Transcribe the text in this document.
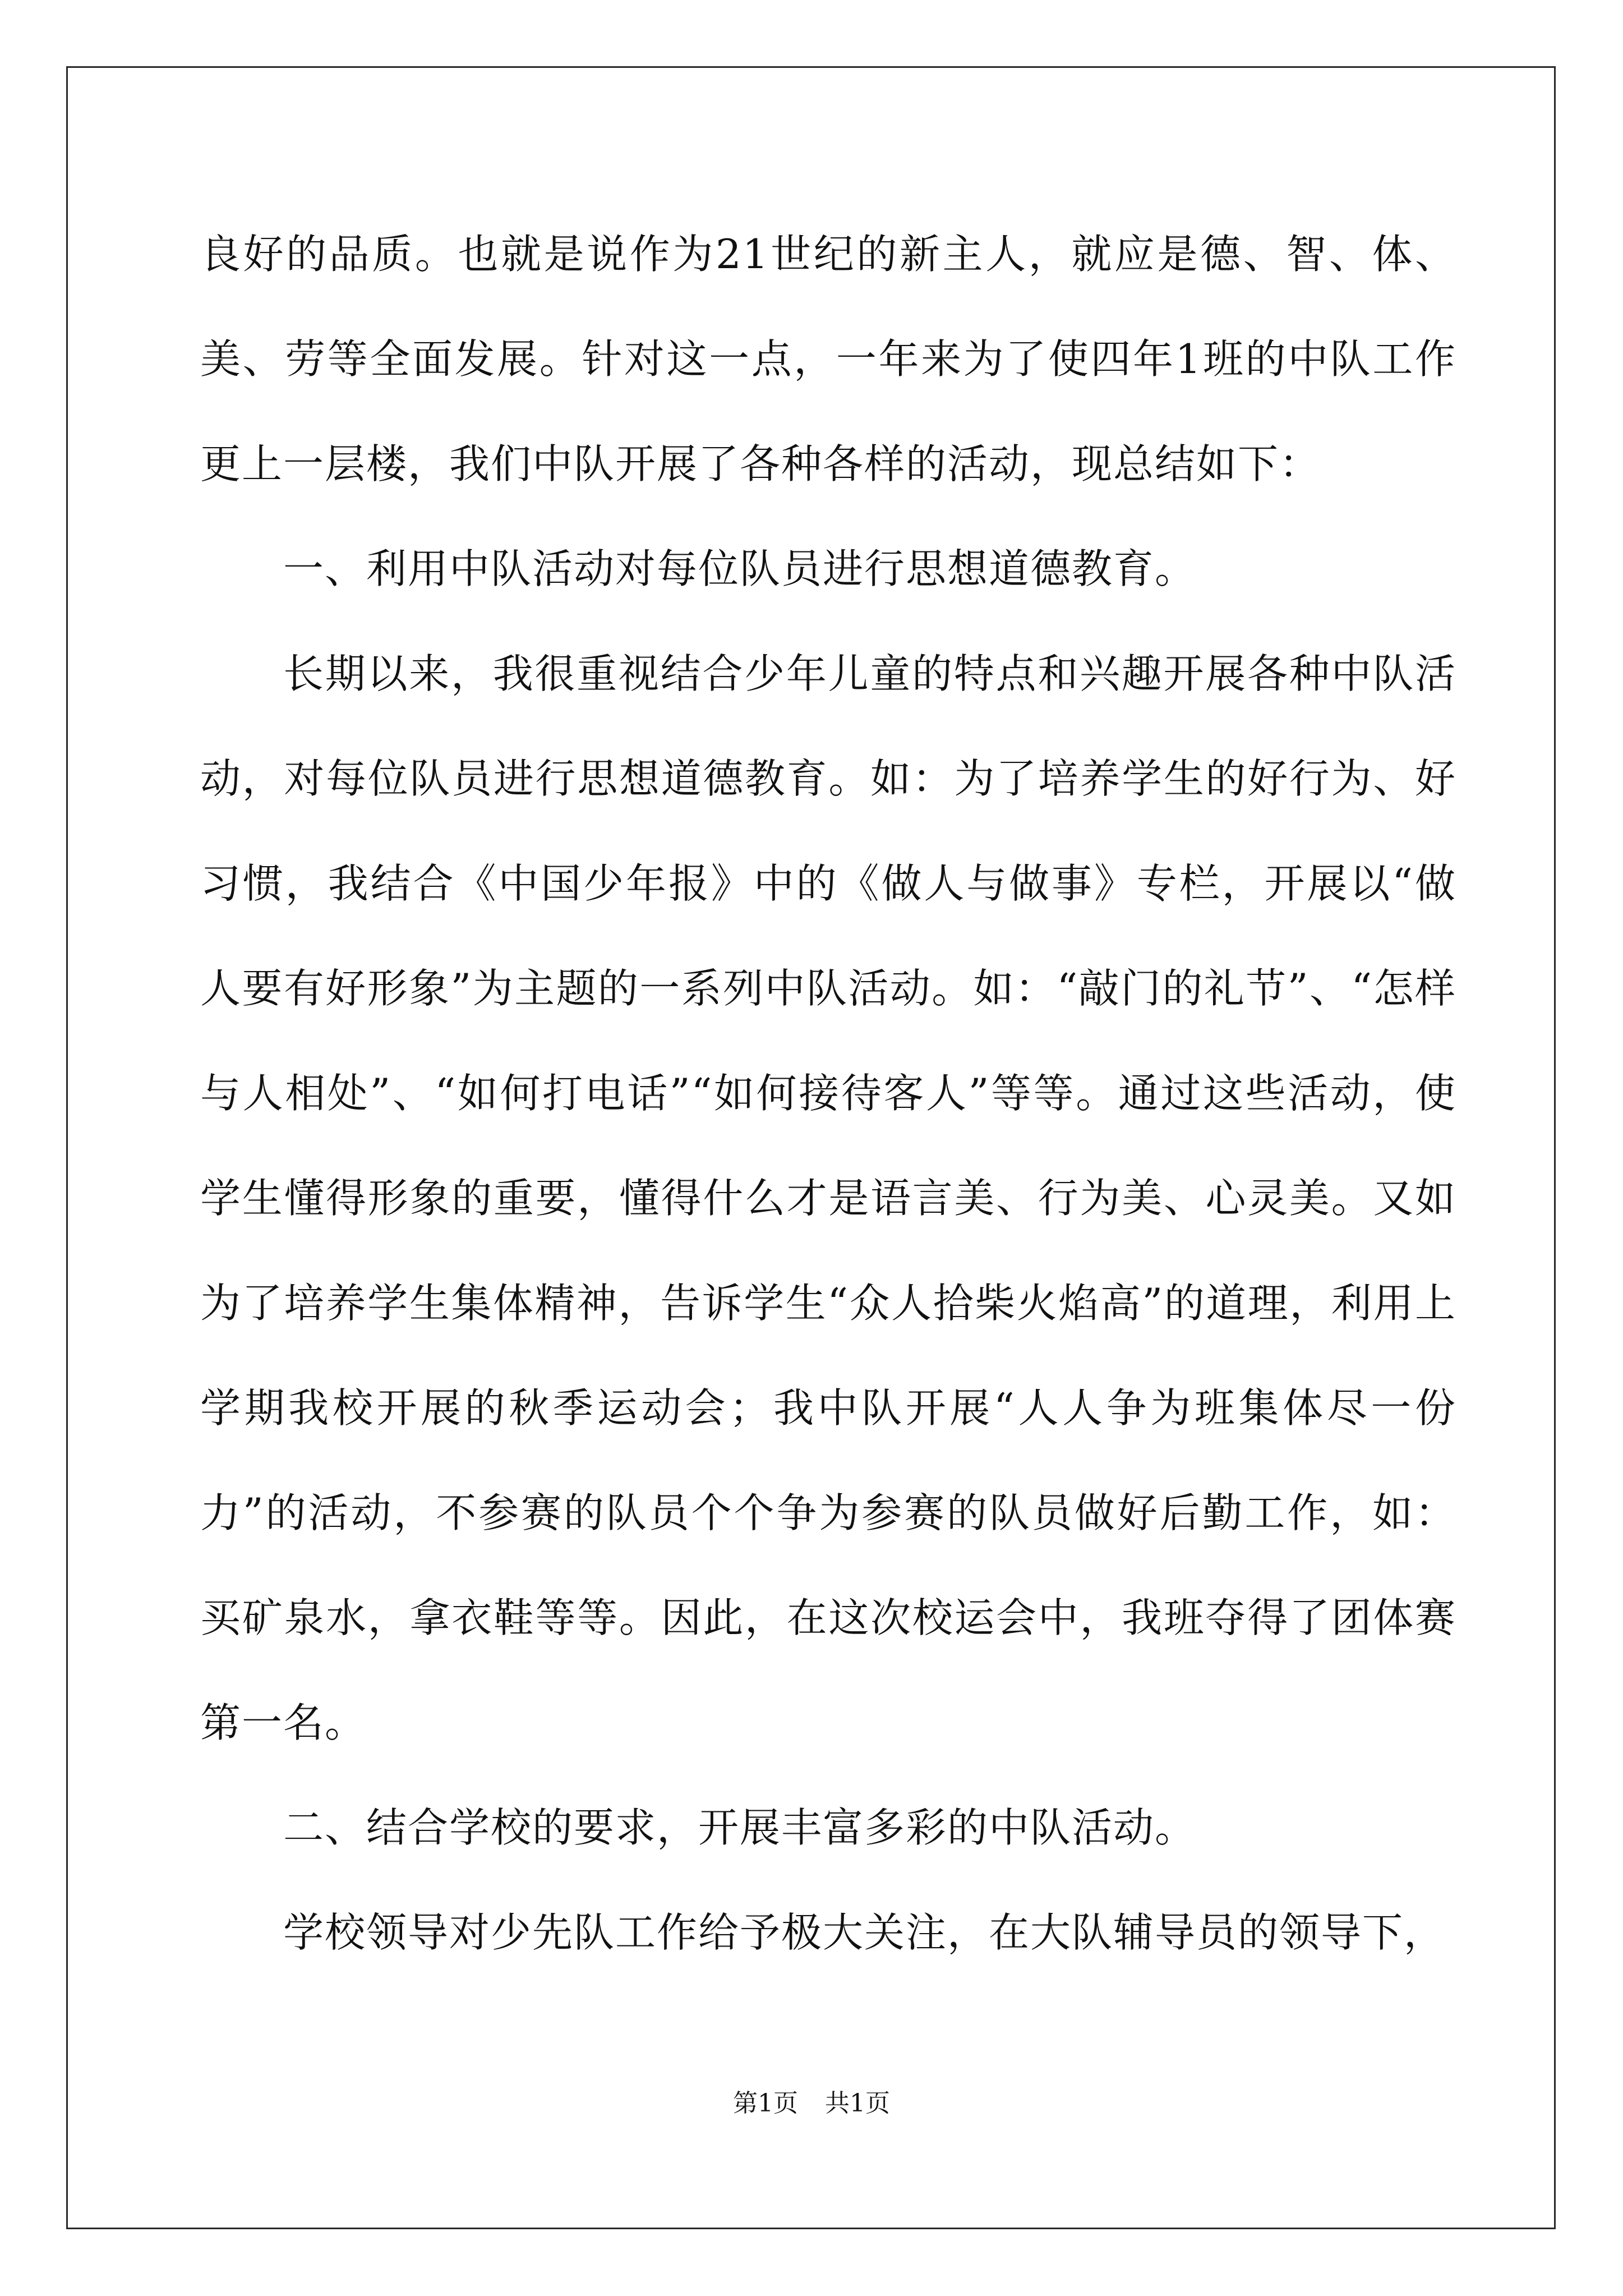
良好的品质。也就是说作为21世纪的新主人，就应是德、智、体、美、劳等全面发展。针对这一点，一年来为了使四年1班的中队工作更上一层楼，我们中队开展了各种各样的活动，现总结如下：

一、利用中队活动对每位队员进行思想道德教育。

长期以来，我很重视结合少年儿童的特点和兴趣开展各种中队活动，对每位队员进行思想道德教育。如：为了培养学生的好行为、好习惯，我结合《中国少年报》中的《做人与做事》专栏，开展以“做人要有好形象”为主题的一系列中队活动。如：“敲门的礼节”、“怎样与人相处”、“如何打电话”“如何接待客人”等等。通过这些活动，使学生懂得形象的重要，懂得什么才是语言美、行为美、心灵美。又如为了培养学生集体精神，告诉学生“众人拾柴火焰高”的道理，利用上学期我校开展的秋季运动会；我中队开展“人人争为班集体尽一份力”的活动，不参赛的队员个个争为参赛的队员做好后勤工作，如：买矿泉水，拿衣鞋等等。因此，在这次校运会中，我班夺得了团体赛第一名。

二、结合学校的要求，开展丰富多彩的中队活动。

学校领导对少先队工作给予极大关注，在大队辅导员的领导下，

第1页 共1页
